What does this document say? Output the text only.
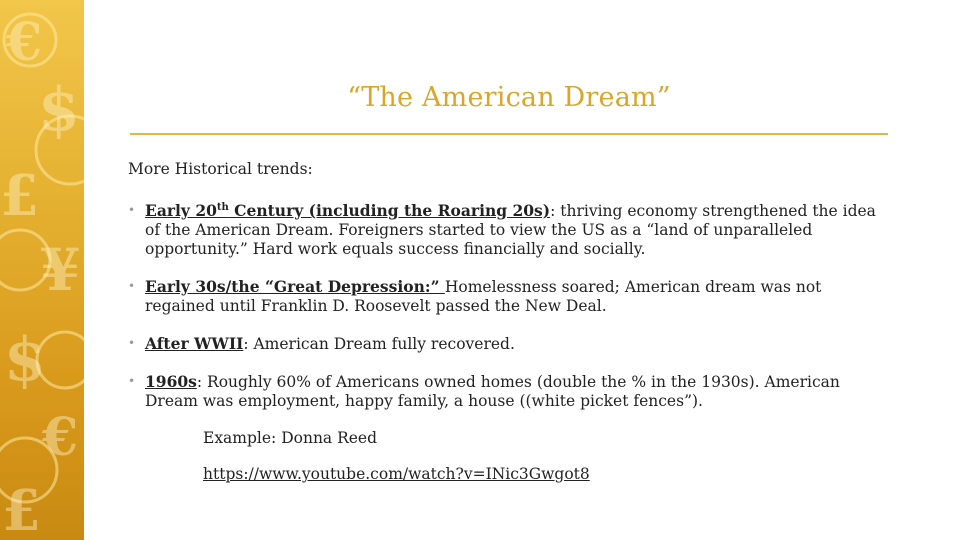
€
$
£
¥
$
€
£
“The American Dream”

More Historical trends:

• Early 20th Century (including the Roaring 20s): thriving economy strengthened the idea of the American Dream. Foreigners started to view the US as a “land of unparalleled opportunity.” Hard work equals success financially and socially.
• Early 30s/the “Great Depression:” Homelessness soared; American dream was not regained until Franklin D. Roosevelt passed the New Deal.
• After WWII: American Dream fully recovered.
• 1960s: Roughly 60% of Americans owned homes (double the % in the 1930s). American Dream was employment, happy family, a house ((white picket fences”).

Example: Donna Reed

https://www.youtube.com/watch?v=INic3Gwgot8
